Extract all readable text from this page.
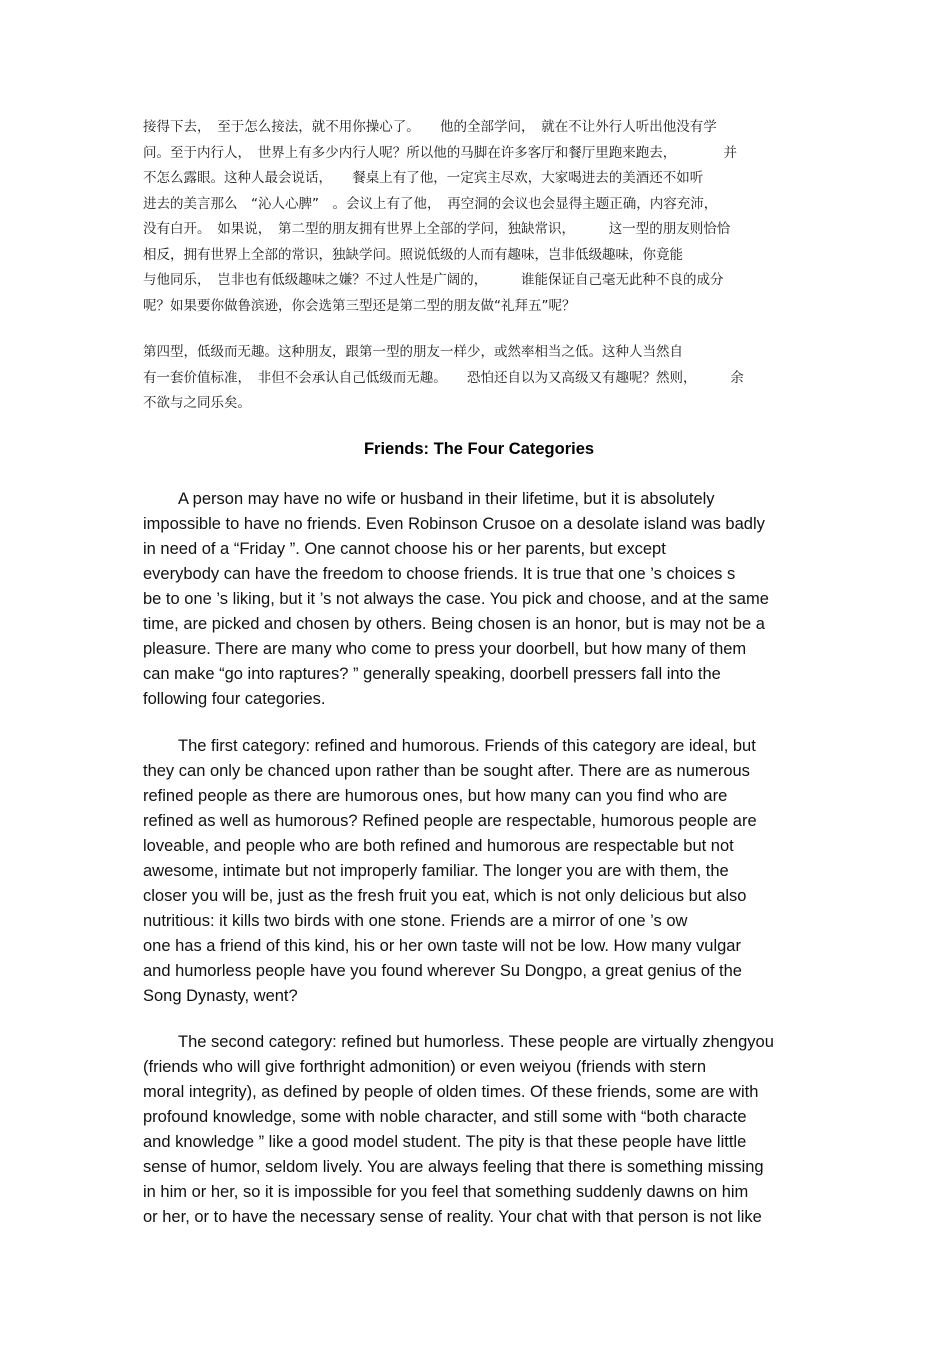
接得下去，　至于怎么接法，就不用你操心了。　　他的全部学问，　就在不让外行人听出他没有学
问。至于内行人，　世界上有多少内行人呢？所以他的马脚在许多客厅和餐厅里跑来跑去，　　　　并
不怎么露眼。这种人最会说话，　　餐桌上有了他，一定宾主尽欢，大家喝进去的美酒还不如听
进去的美言那么　“沁人心脾”　。会议上有了他，　再空洞的会议也会显得主题正确，内容充沛，
没有白开。　如果说，　第二型的朋友拥有世界上全部的学问，独缺常识，　　　这一型的朋友则恰恰
相反，拥有世界上全部的常识，独缺学问。照说低级的人而有趣味，岂非低级趣味，你竟能
与他同乐，　岂非也有低级趣味之嫌？不过人性是广阔的，　　　谁能保证自己毫无此种不良的成分
呢？如果要你做鲁滨逊，你会选第三型还是第二型的朋友做“礼拜五”呢？
第四型，低级而无趣。这种朋友，跟第一型的朋友一样少，或然率相当之低。这种人当然自
有一套价值标准，　非但不会承认自己低级而无趣。　　恐怕还自以为又高级又有趣呢？然则，　　　余
不欲与之同乐矣。
Friends: The Four Categories
A person may have no wife or husband in their lifetime, but it is absolutely
impossible to have no friends. Even Robinson Crusoe on a desolate island was badly
in need of a “Friday ”. One cannot choose his or her parents, but except
everybody can have the freedom to choose friends. It is true that one ’s choices s
be to one ’s liking, but it ’s not always the case. You pick and choose, and at the same
time, are picked and chosen by others. Being chosen is an honor, but is may not be a
pleasure. There are many who come to press your doorbell, but how many of them
can make “go into raptures? ” generally speaking, doorbell pressers fall into the
following four categories.
The first category: refined and humorous. Friends of this category are ideal, but
they can only be chanced upon rather than be sought after. There are as numerous
refined people as there are humorous ones, but how many can you find who are
refined as well as humorous? Refined people are respectable, humorous people are
loveable, and people who are both refined and humorous are respectable but not
awesome, intimate but not improperly familiar. The longer you are with them, the
closer you will be, just as the fresh fruit you eat, which is not only delicious but also
nutritious: it kills two birds with one stone. Friends are a mirror of one ’s ow
one has a friend of this kind, his or her own taste will not be low. How many vulgar
and humorless people have you found wherever Su Dongpo, a great genius of the
Song Dynasty, went?
The second category: refined but humorless. These people are virtually zhengyou
(friends who will give forthright admonition) or even weiyou (friends with stern
moral integrity), as defined by people of olden times. Of these friends, some are with
profound knowledge, some with noble character, and still some with “both characte
and knowledge ” like a good model student. The pity is that these people have little
sense of humor, seldom lively. You are always feeling that there is something missing
in him or her, so it is impossible for you feel that something suddenly dawns on him
or her, or to have the necessary sense of reality. Your chat with that person is not like
